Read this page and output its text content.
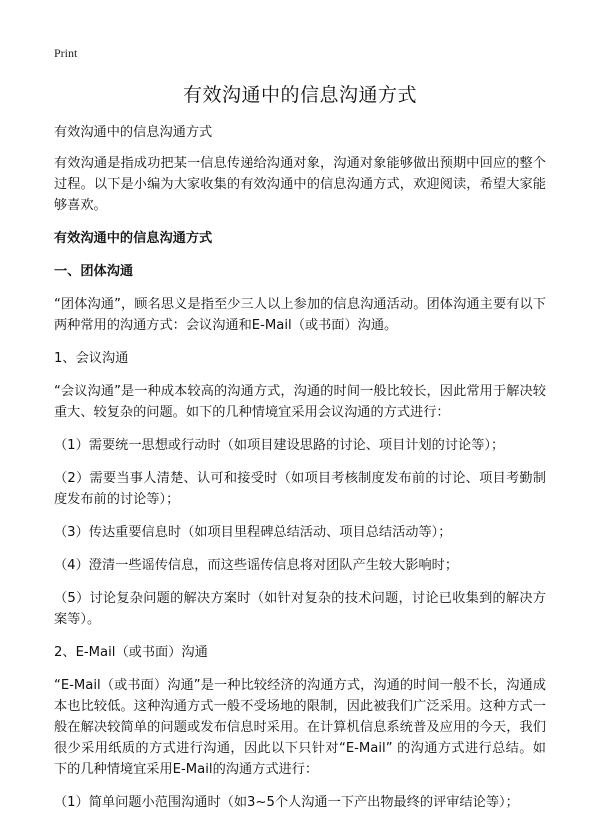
Print
有效沟通中的信息沟通方式

有效沟通中的信息沟通方式

有效沟通是指成功把某一信息传递给沟通对象，沟通对象能够做出预期中回应的整个过程。以下是小编为大家收集的有效沟通中的信息沟通方式，欢迎阅读，希望大家能够喜欢。

有效沟通中的信息沟通方式

一、团体沟通

“团体沟通”，顾名思义是指至少三人以上参加的信息沟通活动。团体沟通主要有以下两种常用的沟通方式：会议沟通和E-Mail（或书面）沟通。

1、会议沟通

“会议沟通”是一种成本较高的沟通方式，沟通的时间一般比较长，因此常用于解决较重大、较复杂的问题。如下的几种情境宜采用会议沟通的方式进行：

（1）需要统一思想或行动时（如项目建设思路的讨论、项目计划的讨论等）；

（2）需要当事人清楚、认可和接受时（如项目考核制度发布前的讨论、项目考勤制度发布前的讨论等）；

（3）传达重要信息时（如项目里程碑总结活动、项目总结活动等）；

（4）澄清一些谣传信息，而这些谣传信息将对团队产生较大影响时；

（5）讨论复杂问题的解决方案时（如针对复杂的技术问题，讨论已收集到的解决方案等）。

2、E-Mail（或书面）沟通

“E-Mail（或书面）沟通”是一种比较经济的沟通方式，沟通的时间一般不长，沟通成本也比较低。这种沟通方式一般不受场地的限制，因此被我们广泛采用。这种方式一般在解决较简单的问题或发布信息时采用。在计算机信息系统普及应用的今天，我们很少采用纸质的方式进行沟通，因此以下只针对“E-Mail” 的沟通方式进行总结。如下的几种情境宜采用E-Mail的沟通方式进行：

（1）简单问题小范围沟通时（如3~5个人沟通一下产出物最终的评审结论等）；
